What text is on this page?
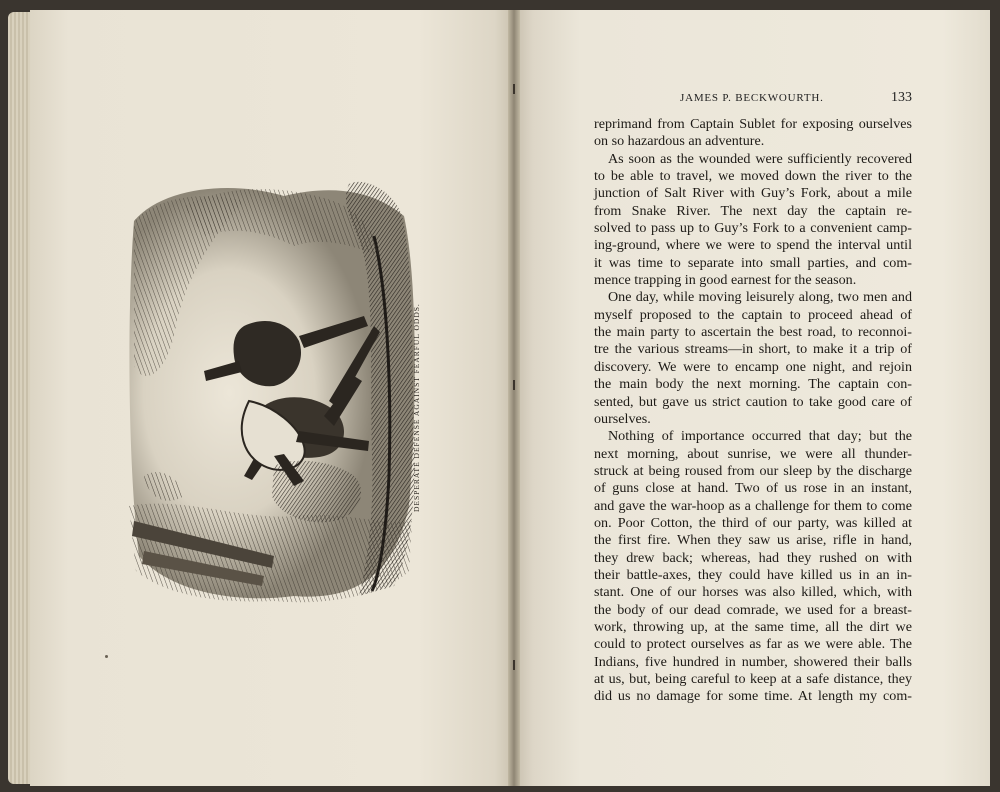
DESPERATE DEFENSE AGAINST FEARFUL ODDS.
JAMES P. BECKWOURTH.	133
reprimand from Captain Sublet for exposing ourselves
on so hazardous an adventure.
As soon as the wounded were sufficiently recovered
to be able to travel, we moved down the river to the
junction of Salt River with Guy’s Fork, about a mile
from Snake River. The next day the captain re-
solved to pass up to Guy’s Fork to a convenient camp-
ing-ground, where we were to spend the interval until
it was time to separate into small parties, and com-
mence trapping in good earnest for the season.
One day, while moving leisurely along, two men and
myself proposed to the captain to proceed ahead of
the main party to ascertain the best road, to reconnoi-
tre the various streams—in short, to make it a trip of
discovery. We were to encamp one night, and rejoin
the main body the next morning. The captain con-
sented, but gave us strict caution to take good care of
ourselves.
Nothing of importance occurred that day; but the
next morning, about sunrise, we were all thunder-
struck at being roused from our sleep by the discharge
of guns close at hand. Two of us rose in an instant,
and gave the war-hoop as a challenge for them to come
on. Poor Cotton, the third of our party, was killed at
the first fire. When they saw us arise, rifle in hand,
they drew back; whereas, had they rushed on with
their battle-axes, they could have killed us in an in-
stant. One of our horses was also killed, which, with
the body of our dead comrade, we used for a breast-
work, throwing up, at the same time, all the dirt we
could to protect ourselves as far as we were able. The
Indians, five hundred in number, showered their balls
at us, but, being careful to keep at a safe distance, they
did us no damage for some time. At length my com-
